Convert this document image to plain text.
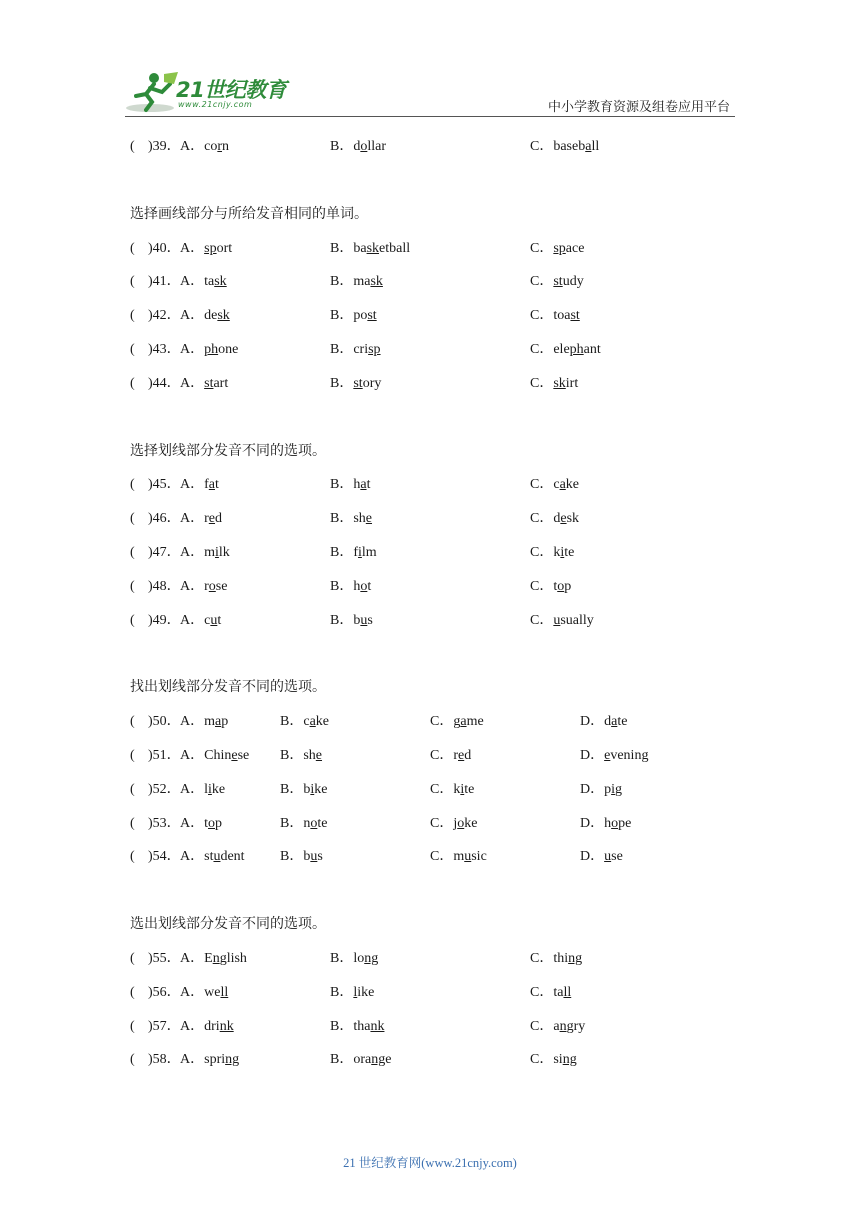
21世纪教育
www.21cnjy.com	中小学教育资源及组卷应用平台
( )39． A．corn	B．dollar	C．baseball
选择画线部分与所给发音相同的单词。
( )40． A．sport	B．basketball	C．space
( )41． A．task	B．mask	C．study
( )42． A．desk	B．post	C．toast
( )43． A．phone	B．crisp	C．elephant
( )44． A．start	B．story	C．skirt
选择划线部分发音不同的选项。
( )45． A．fat	B．hat	C．cake
( )46． A．red	B．she	C．desk
( )47． A．milk	B．film	C．kite
( )48． A．rose	B．hot	C．top
( )49． A．cut	B．bus	C．usually
找出划线部分发音不同的选项。
( )50． A．map	B．cake	C．game	D．date
( )51． A．Chinese B．she	C．red	D．evening
( )52． A．like	B．bike	C．kite	D．pig
( )53． A．top	B．note	C．joke	D．hope
( )54． A．student	B．bus	C．music	D．use
选出划线部分发音不同的选项。
( )55． A．English	B．long	C．thing
( )56． A．well	B．like	C．tall
( )57． A．drink	B．thank	C．angry
( )58． A．spring	B．orange	C．sing
21 世纪教育网(www.21cnjy.com)
